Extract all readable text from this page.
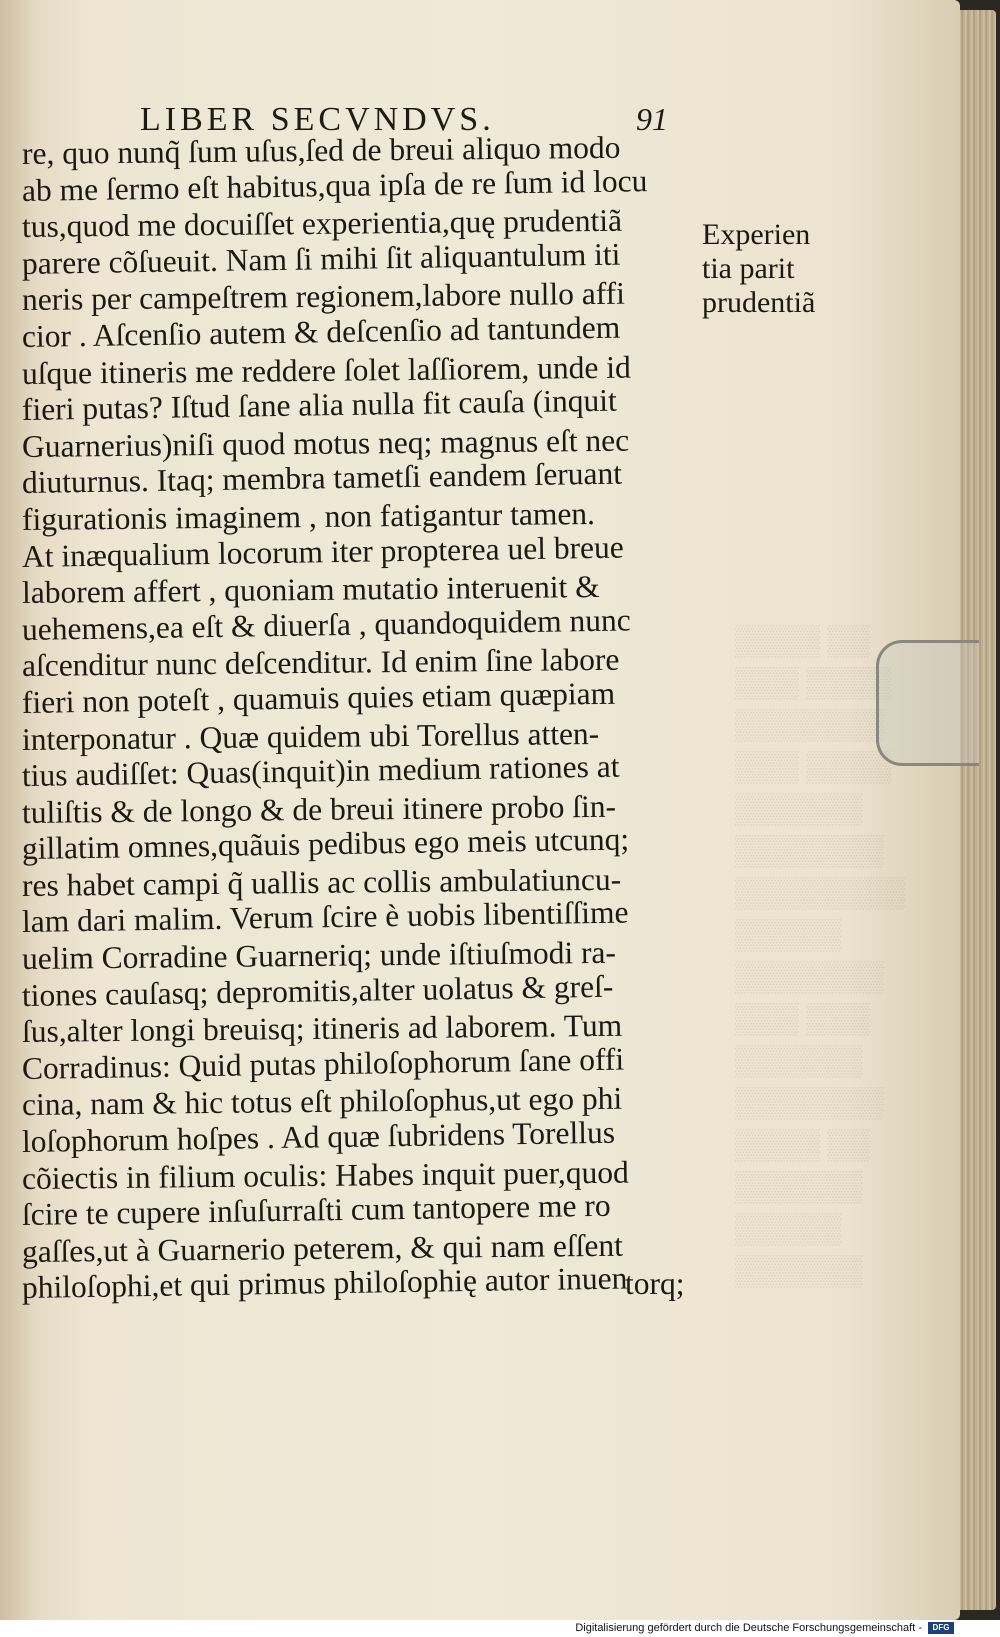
▒▒▒▒ ▒▒
▒▒▒ ▒▒▒▒
▒▒▒▒▒▒▒
▒▒▒ ▒▒▒▒
▒▒▒▒▒▒
▒▒▒▒▒▒▒
▒▒▒▒▒▒▒▒
▒▒▒▒▒
▒▒▒▒▒▒▒
▒▒▒ ▒▒▒
▒▒▒▒▒▒
▒▒▒▒▒▒▒
▒▒▒▒ ▒▒
▒▒▒▒▒▒
▒▒▒▒▒
▒▒▒▒▒▒
LIBER SECVNDVS.	91
re, quo nunq̃ ſum uſus,ſed de breui aliquo modo
ab me ſermo eſt habitus,qua ipſa de re ſum id locu
tus,quod me docuiſſet experientia,quę prudentiã
parere cõſueuit. Nam ſi mihi ſit aliquantulum iti
neris per campeſtrem regionem,labore nullo affi
cior . Aſcenſio autem & deſcenſio ad tantundem
uſque itineris me reddere ſolet laſſiorem, unde id
fieri putas? Iſtud ſane alia nulla fit cauſa (inquit
Guarnerius)niſi quod motus neq; magnus eſt nec
diuturnus. Itaq; membra tametſi eandem ſeruant
figurationis imaginem , non fatigantur tamen.
At inæqualium locorum iter propterea uel breue
laborem affert , quoniam mutatio interuenit &
uehemens,ea eſt & diuerſa , quandoquidem nunc
aſcenditur nunc deſcenditur. Id enim ſine labore
fieri non poteſt , quamuis quies etiam quæpiam
interponatur . Quæ quidem ubi Torellus atten-
tius audiſſet: Quas(inquit)in medium rationes at
tuliſtis & de longo & de breui itinere probo ſin-
gillatim omnes,quãuis pedibus ego meis utcunq;
res habet campi q̃ uallis ac collis ambulatiuncu-
lam dari malim. Verum ſcire è uobis libentiſſime
uelim Corradine Guarneriq; unde iſtiuſmodi ra-
tiones cauſasq; depromitis,alter uolatus & greſ-
ſus,alter longi breuisq; itineris ad laborem. Tum
Corradinus: Quid putas philoſophorum ſane offi
cina, nam & hic totus eſt philoſophus,ut ego phi
loſophorum hoſpes . Ad quæ ſubridens Torellus
cõiectis in filium oculis: Habes inquit puer,quod
ſcire te cupere inſuſurraſti cum tantopere me ro
gaſſes,ut à Guarnerio peterem, & qui nam eſſent
philoſophi,et qui primus philoſophię autor inuen
torq;
Experien
tia parit
prudentiã
Digitalisierung gefördert durch die Deutsche Forschungsgemeinschaft -	DFG
